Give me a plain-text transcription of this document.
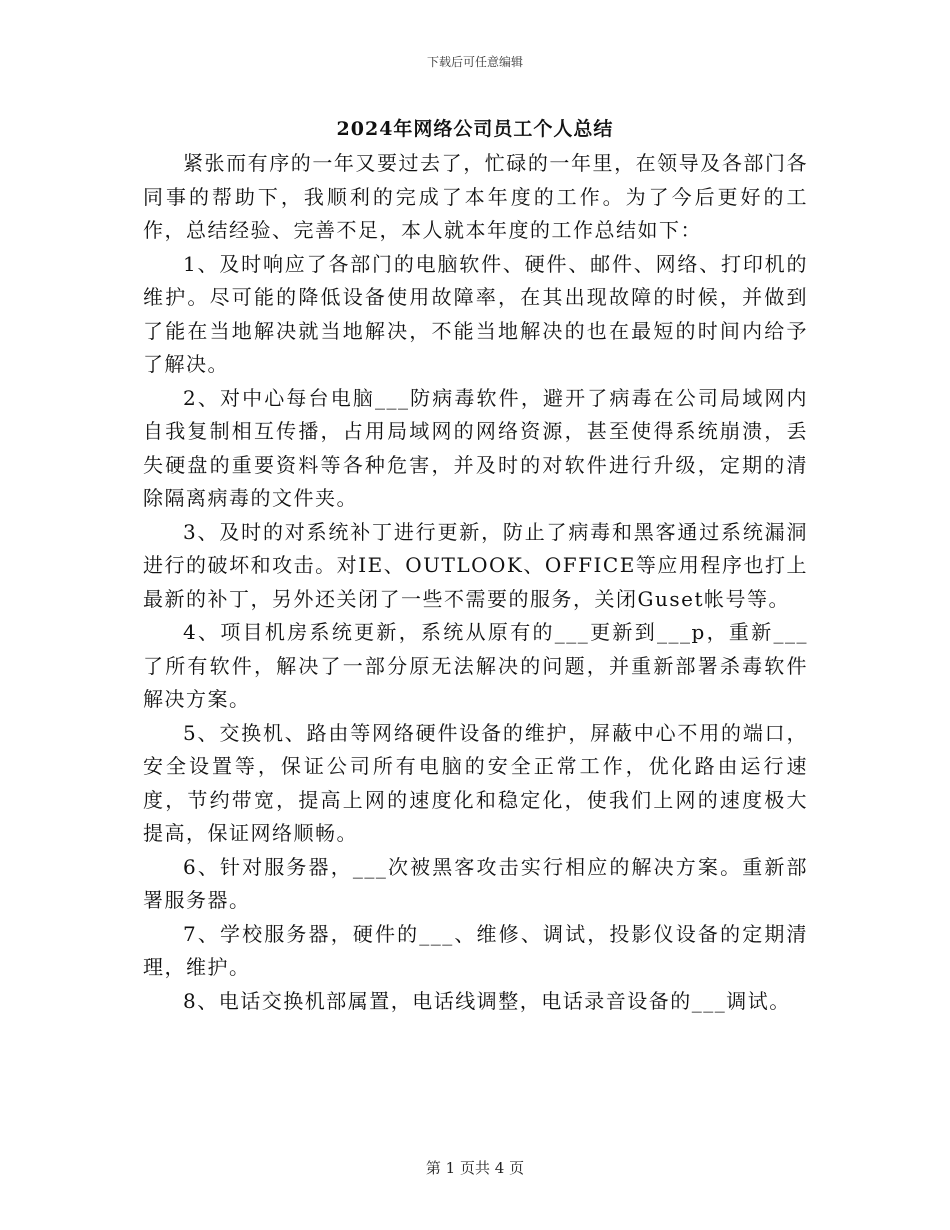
下载后可任意编辑
2024年网络公司员工个人总结

紧张而有序的一年又要过去了，忙碌的一年里，在领导及各部门各同事的帮助下，我顺利的完成了本年度的工作。为了今后更好的工作，总结经验、完善不足，本人就本年度的工作总结如下：

1、及时响应了各部门的电脑软件、硬件、邮件、网络、打印机的维护。尽可能的降低设备使用故障率，在其出现故障的时候，并做到了能在当地解决就当地解决，不能当地解决的也在最短的时间内给予了解决。

2、对中心每台电脑___防病毒软件，避开了病毒在公司局域网内自我复制相互传播，占用局域网的网络资源，甚至使得系统崩溃，丢失硬盘的重要资料等各种危害，并及时的对软件进行升级，定期的清除隔离病毒的文件夹。

3、及时的对系统补丁进行更新，防止了病毒和黑客通过系统漏洞进行的破坏和攻击。对IE、OUTLOOK、OFFICE等应用程序也打上最新的补丁，另外还关闭了一些不需要的服务，关闭Guset帐号等。

4、项目机房系统更新，系统从原有的___更新到___p，重新___了所有软件，解决了一部分原无法解决的问题，并重新部署杀毒软件解决方案。

5、交换机、路由等网络硬件设备的维护，屏蔽中心不用的端口，安全设置等，保证公司所有电脑的安全正常工作，优化路由运行速度，节约带宽，提高上网的速度化和稳定化，使我们上网的速度极大提高，保证网络顺畅。

6、针对服务器，___次被黑客攻击实行相应的解决方案。重新部署服务器。

7、学校服务器，硬件的___、维修、调试，投影仪设备的定期清理，维护。

8、电话交换机部属置，电话线调整，电话录音设备的___调试。

第 1 页共 4 页
